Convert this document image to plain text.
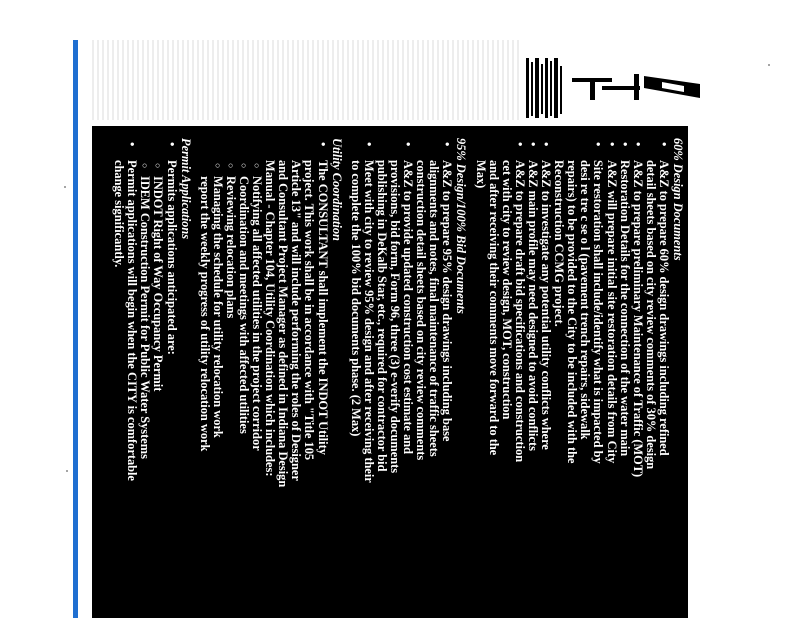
60% Design Documents
• A&Z to prepare 60% design drawings including refined
detail sheets based on city review comments of 30% design
• A&Z to prepare preliminary Maintenance of Traffic (MOT)
• Restoration Details for the connection of the water main
• A&Z will prepare initial site restoration details from City
• Site restoration shall include/identify what is impacted by
desi re tre c se o l (pavement trench repairs, sidewalk
repairs) to be provided to the City to be included with the
Reconstruction CCMG project.
• A&Z to investigate any potential utility conflicts where
• A&Z main profile may need designed to avoid conflicts
• A&Z to prepare draft bid specifications and construction
cet with city to review design, MOT, construction
and after receiving their comments move forward to the
Max)
95% Design/100% Bid Documents
• A&Z to prepare 95% design drawings including base
alignments and notes, final maintenance of traffic sheets
construction detail sheets based on city review comments
• A&Z to provide updated construction cost estimate and
provisions, bid form, Form 96, three (3) e-verify documents
publishing in DeKalb Star, etc., required for contractor bid
• Meet with city to review 95% design and after receiving their
to complete the 100% bid documents phase. (2 Max)
Utility Coordination
• The CONSULTANT shall implement the INDOT Utility
project. This work shall be in accordance with "Title 105
Article 13" and will include performing the roles of Designer
and Consultant Project Manager as defined in Indiana Design
Manual - Chapter 104, Utility Coordination which includes:
○ Notifying all affected utilities in the project corridor
○ Coordination and meetings with affected utilities
○ Reviewing relocation plans
○ Managing the schedule for utility relocation work
report the weekly progress of utility relocation work
Permit Applications
• Permits applications anticipated are:
○ INDOT Right of Way Occupancy Permit
○ IDEM Construction Permit for Public Water Systems
• Permit applications will begin when the CITY is comfortable
change significantly.
